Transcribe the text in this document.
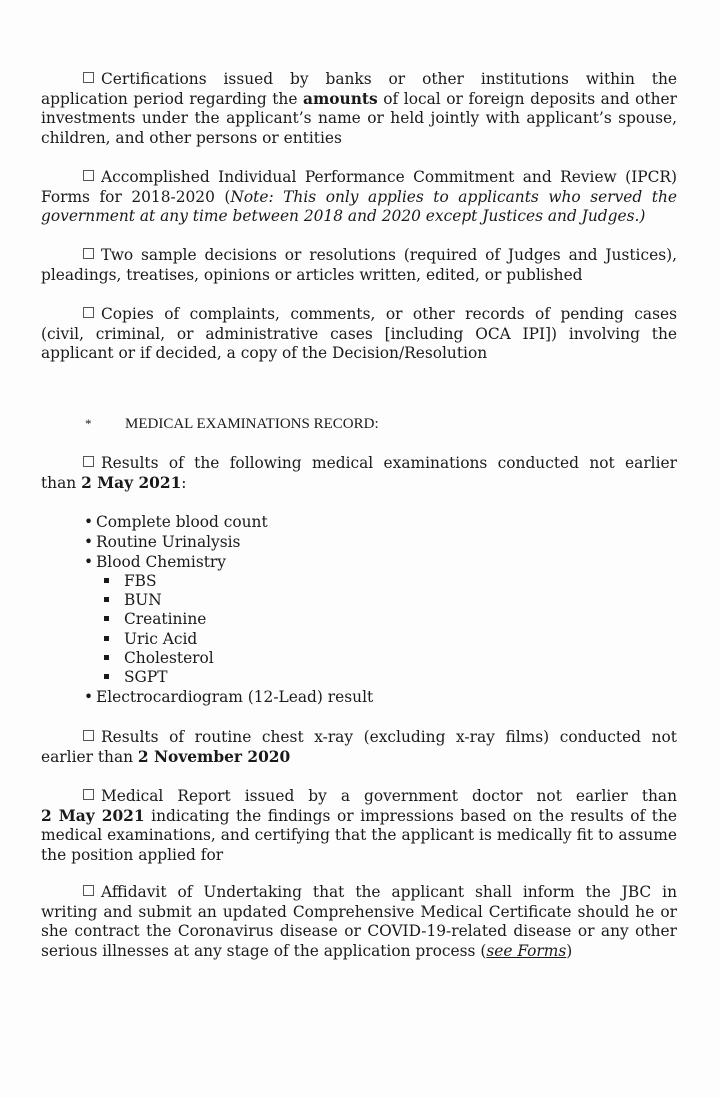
Certifications issued by banks or other institutions within the
application period regarding the amounts of local or foreign deposits and other investments under the applicant’s name or held jointly with applicant’s spouse, children, and other persons or entities
Accomplished Individual Performance Commitment and Review (IPCR)
Forms for 2018-2020 (Note: This only applies to applicants who served the government at any time between 2018 and 2020 except Justices and Judges.)
Two sample decisions or resolutions (required of Judges and Justices),
pleadings, treatises, opinions or articles written, edited, or published
Copies of complaints, comments, or other records of pending cases
(civil, criminal, or administrative cases [including OCA IPI]) involving the applicant or if decided, a copy of the Decision/Resolution
* MEDICAL EXAMINATIONS RECORD:
Results of the following medical examinations conducted not earlier
than 2 May 2021:
• Complete blood count
• Routine Urinalysis
• Blood Chemistry
FBS
BUN
Creatinine
Uric Acid
Cholesterol
SGPT
• Electrocardiogram (12-Lead) result
Results of routine chest x-ray (excluding x-ray films) conducted not
earlier than 2 November 2020
Medical Report issued by a government doctor not earlier than
2 May 2021 indicating the findings or impressions based on the results of the medical examinations, and certifying that the applicant is medically fit to assume the position applied for
Affidavit of Undertaking that the applicant shall inform the JBC in
writing and submit an updated Comprehensive Medical Certificate should he or she contract the Coronavirus disease or COVID-19-related disease or any other serious illnesses at any stage of the application process (see Forms)
